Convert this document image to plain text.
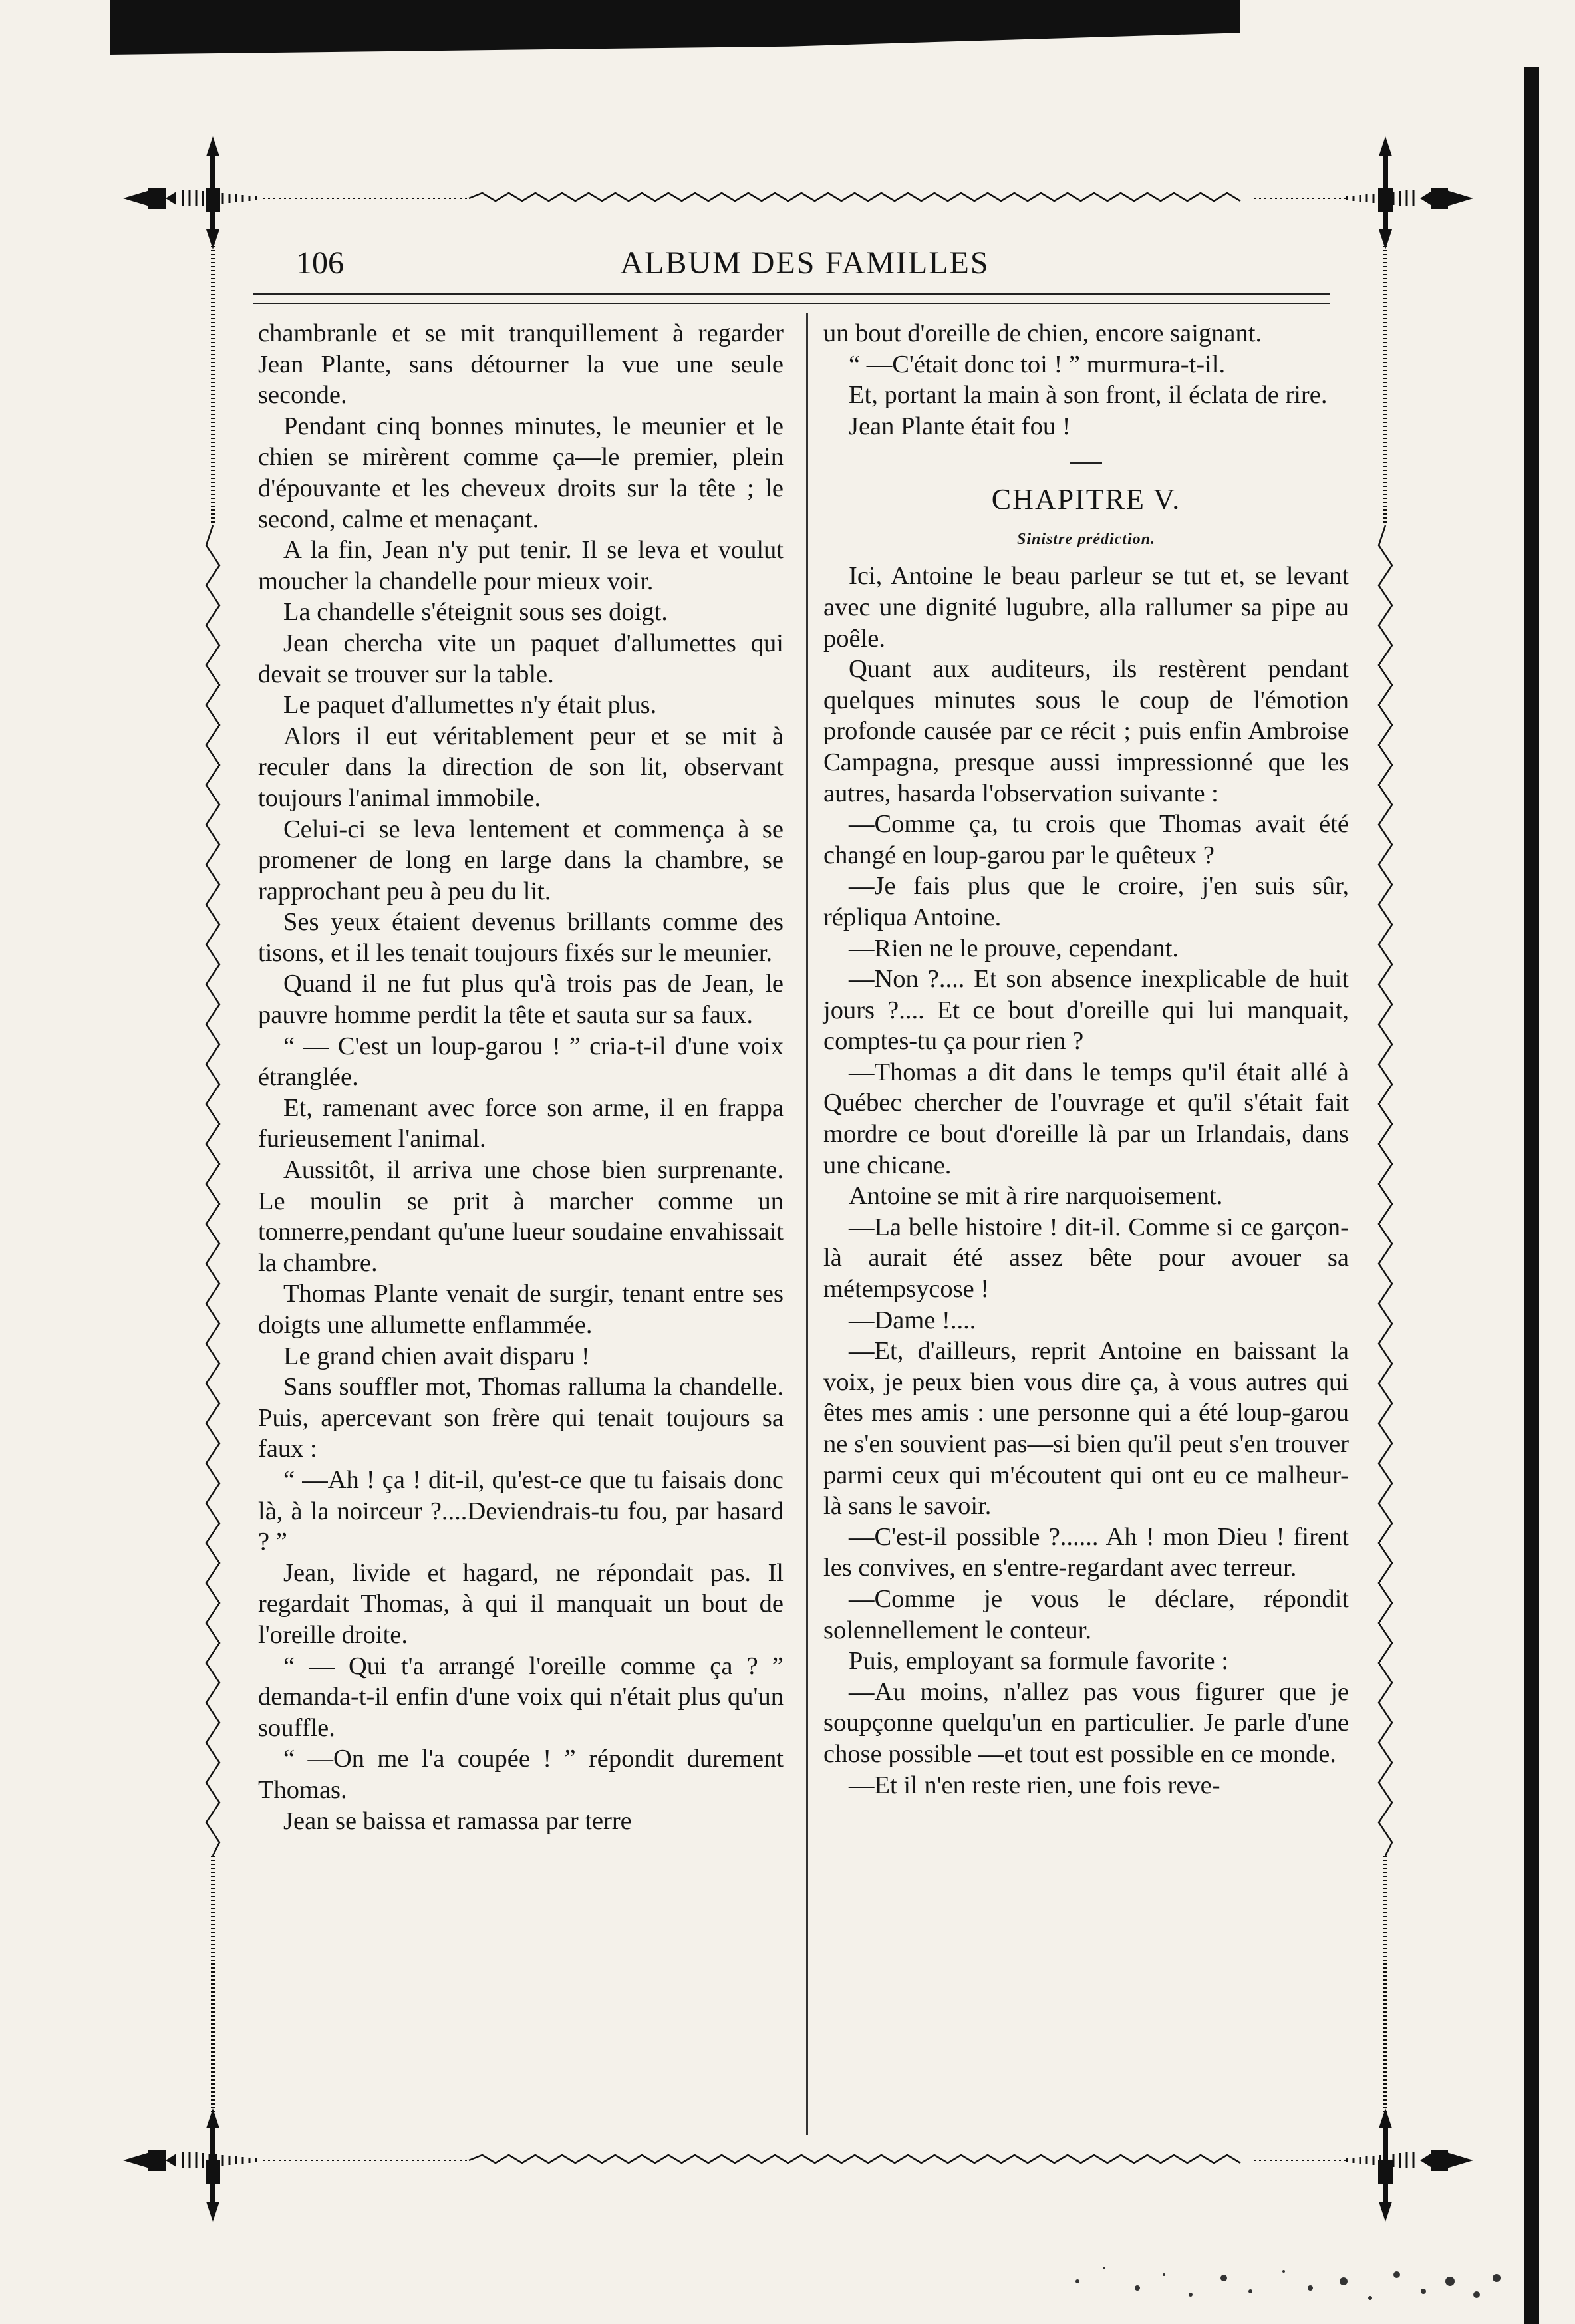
106	ALBUM DES FAMILLES

chambranle et se mit tranquillement à regarder Jean Plante, sans détourner la vue une seule seconde.

Pendant cinq bonnes minutes, le meunier et le chien se mirèrent comme ça—le premier, plein d'épouvante et les cheveux droits sur la tête ; le second, calme et menaçant.

A la fin, Jean n'y put tenir. Il se leva et voulut moucher la chandelle pour mieux voir.

La chandelle s'éteignit sous ses doigt.

Jean chercha vite un paquet d'allumettes qui devait se trouver sur la table.

Le paquet d'allumettes n'y était plus.

Alors il eut véritablement peur et se mit à reculer dans la direction de son lit, observant toujours l'animal immobile.

Celui-ci se leva lentement et commença à se promener de long en large dans la chambre, se rapprochant peu à peu du lit.

Ses yeux étaient devenus brillants comme des tisons, et il les tenait toujours fixés sur le meunier.

Quand il ne fut plus qu'à trois pas de Jean, le pauvre homme perdit la tête et sauta sur sa faux.

“ — C'est un loup-garou ! ” cria-t-il d'une voix étranglée.

Et, ramenant avec force son arme, il en frappa furieusement l'animal.

Aussitôt, il arriva une chose bien surprenante. Le moulin se prit à marcher comme un tonnerre,pendant qu'une lueur soudaine envahissait la chambre.

Thomas Plante venait de surgir, tenant entre ses doigts une allumette enflammée.

Le grand chien avait disparu !

Sans souffler mot, Thomas ralluma la chandelle. Puis, apercevant son frère qui tenait toujours sa faux :

“ —Ah ! ça ! dit-il, qu'est-ce que tu faisais donc là, à la noirceur ?....Deviendrais-tu fou, par hasard ? ”

Jean, livide et hagard, ne répondait pas. Il regardait Thomas, à qui il manquait un bout de l'oreille droite.

“ — Qui t'a arrangé l'oreille comme ça ? ” demanda-t-il enfin d'une voix qui n'était plus qu'un souffle.

“ —On me l'a coupée ! ” répondit durement Thomas.

Jean se baissa et ramassa par terre

un bout d'oreille de chien, encore saignant.

“ —C'était donc toi ! ” murmura-t-il.

Et, portant la main à son front, il éclata de rire.

Jean Plante était fou !

CHAPITRE V.
Sinistre prédiction.

Ici, Antoine le beau parleur se tut et, se levant avec une dignité lugubre, alla rallumer sa pipe au poêle.

Quant aux auditeurs, ils restèrent pendant quelques minutes sous le coup de l'émotion profonde causée par ce récit ; puis enfin Ambroise Campagna, presque aussi impressionné que les autres, hasarda l'observation suivante :

—Comme ça, tu crois que Thomas avait été changé en loup-garou par le quêteux ?

—Je fais plus que le croire, j'en suis sûr, répliqua Antoine.

—Rien ne le prouve, cependant.

—Non ?.... Et son absence inexplicable de huit jours ?.... Et ce bout d'oreille qui lui manquait, comptes-tu ça pour rien ?

—Thomas a dit dans le temps qu'il était allé à Québec chercher de l'ouvrage et qu'il s'était fait mordre ce bout d'oreille là par un Irlandais, dans une chicane.

Antoine se mit à rire narquoisement.

—La belle histoire ! dit-il. Comme si ce garçon-là aurait été assez bête pour avouer sa métempsycose !

—Dame !....

—Et, d'ailleurs, reprit Antoine en baissant la voix, je peux bien vous dire ça, à vous autres qui êtes mes amis : une personne qui a été loup-garou ne s'en souvient pas—si bien qu'il peut s'en trouver parmi ceux qui m'écoutent qui ont eu ce malheur-là sans le savoir.

—C'est-il possible ?...... Ah ! mon Dieu ! firent les convives, en s'entre-regardant avec terreur.

—Comme je vous le déclare, répondit solennellement le conteur.

Puis, employant sa formule favorite :

—Au moins, n'allez pas vous figurer que je soupçonne quelqu'un en particulier. Je parle d'une chose possible —et tout est possible en ce monde.

—Et il n'en reste rien, une fois reve-
